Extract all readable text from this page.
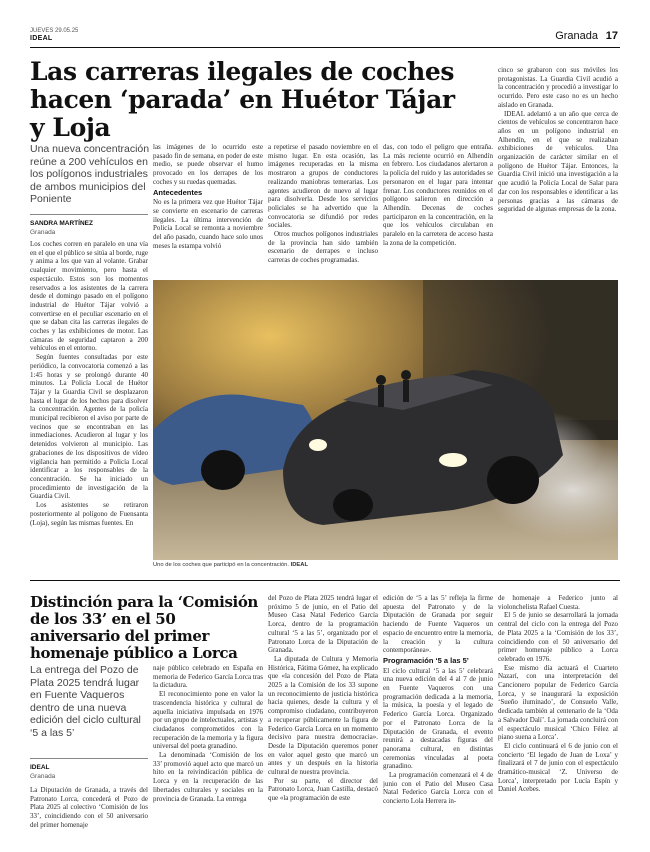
JUEVES 29.05.25
IDEAL	Granada 17
Las carreras ilegales de coches hacen ‘parada’ en Huétor Tájar y Loja
Una nueva concentración reúne a 200 vehículos en los polígonos industriales de ambos municipios del Poniente
SANDRA MARTÍNEZ
Granada

Los coches corren en paralelo en una vía en el que el público se sitúa al borde, ruge y anima a los que van al volante. Grabar cualquier movimiento, pero hasta el espectáculo. Estos son los momentos reservados a los asistentes de la carrera desde el domingo pasado en el polígono industrial de Huétor Tájar volvió a convertirse en el peculiar escenario en el que se daban cita las carreras ilegales de coches y las exhibiciones de motor. Las cámaras de seguridad captaron a 200 vehículos en el entorno.

Según fuentes consultadas por este periódico, la convocatoria comenzó a las 1:45 horas y se prolongó durante 40 minutos. La Policía Local de Huétor Tájar y la Guardia Civil se desplazaron hasta el lugar de los hechos para disolver la concentración. Agentes de la policía municipal recibieron el aviso por parte de vecinos que se encontraban en las inmediaciones. Acudieron al lugar y los detenidos volvieron al municipio. Las grabaciones de los dispositivos de vídeo vigilancia han permitido a Policía Local identificar a los responsables de la concentración. Se ha iniciado un procedimiento de investigación de la Guardia Civil.

Los asistentes se retiraron posteriormente al polígono de Fuensanta (Loja), según las mismas fuentes. En

las imágenes de lo ocurrido este pasado fin de semana, en poder de este medio, se puede observar el humo provocado en los derrapes de los coches y su ruedas quemadas.

Antecedentes

No es la primera vez que Huétor Tájar se convierte en escenario de carreras ilegales. La última intervención de Policía Local se remonta a noviembre del año pasado, cuando hace solo unos meses la estampa volvió

a repetirse el pasado noviembre en el mismo lugar. En esta ocasión, las imágenes recuperadas en la misma mostraron a grupos de conductores realizando maniobras temerarias. Los agentes acudieron de nuevo al lugar para disolverla. Desde los servicios policiales se ha advertido que la convocatoria se difundió por redes sociales.

Otros muchos polígonos industriales de la provincia han sido también escenario de derrapes e incluso carreras de coches programadas.

das, con todo el peligro que entraña. La más reciente ocurrió en Alhendín en febrero. Los ciudadanos alertaron a la policía del ruido y las autoridades se personaron en el lugar para intentar frenar. Los conductores reunidos en el polígono salieron en dirección a Alhendín. Decenas de coches participaron en la concentración, en la que los vehículos circulaban en paralelo en la carretera de acceso hasta la zona de la competición.

cinco se grabaron con sus móviles los protagonistas. La Guardia Civil acudió a la concentración y procedió a investigar lo ocurrido. Pero este caso no es un hecho aislado en Granada.

IDEAL adelantó a un año que cerca de cientos de vehículos se concentraron hace años en un polígono industrial en Alhendín, en el que se realizaban exhibiciones de vehículos. Una organización de carácter similar en el polígono de Huétor Tájar. Entonces, la Guardia Civil inició una investigación a la que acudió la Policía Local de Salar para dar con los responsables e identificar a las personas gracias a las cámaras de seguridad de algunas empresas de la zona.

Uno de los coches que participó en la concentración. IDEAL
Distinción para la ‘Comisión de los 33’ en el 50 aniversario del primer homenaje público a Lorca
La entrega del Pozo de Plata 2025 tendrá lugar en Fuente Vaqueros dentro de una nueva edición del ciclo cultural ‘5 a las 5’
IDEAL
Granada

La Diputación de Granada, a través del Patronato Lorca, concederá el Pozo de Plata 2025 al colectivo ‘Comisión de los 33’, coincidiendo con el 50 aniversario del primer homenaje

naje público celebrado en España en memoria de Federico García Lorca tras la dictadura.

El reconocimiento pone en valor la trascendencia histórica y cultural de aquella iniciativa impulsada en 1976 por un grupo de intelectuales, artistas y ciudadanos comprometidos con la recuperación de la memoria y la figura universal del poeta granadino.

La denominada ‘Comisión de los 33’ promovió aquel acto que marcó un hito en la reivindicación pública de Lorca y en la recuperación de las libertades culturales y sociales en la provincia de Granada. La entrega

del Pozo de Plata 2025 tendrá lugar el próximo 5 de junio, en el Patio del Museo Casa Natal Federico García Lorca, dentro de la programación cultural ‘5 a las 5’, organizado por el Patronato Lorca de la Diputación de Granada.

La diputada de Cultura y Memoria Histórica, Fátima Gómez, ha explicado que «la concesión del Pozo de Plata 2025 a la Comisión de los 33 supone un reconocimiento de justicia histórica hacia quienes, desde la cultura y el compromiso ciudadano, contribuyeron a recuperar públicamente la figura de Federico García Lorca en un momento decisivo para nuestra democracia». Desde la Diputación queremos poner en valor aquel gesto que marcó un antes y un después en la historia cultural de nuestra provincia.

Por su parte, el director del Patronato Lorca, Juan Castilla, destacó que «la programación de este

edición de ‘5 a las 5’ refleja la firme apuesta del Patronato y de la Diputación de Granada por seguir haciendo de Fuente Vaqueros un espacio de encuentro entre la memoria, la creación y la cultura contemporánea».

Programación ‘5 a las 5’

El ciclo cultural ‘5 a las 5’ celebrará una nueva edición del 4 al 7 de junio en Fuente Vaqueros con una programación dedicada a la memoria, la música, la poesía y el legado de Federico García Lorca. Organizado por el Patronato Lorca de la Diputación de Granada, el evento reunirá a destacadas figuras del panorama cultural, en distintas ceremonias vinculadas al poeta granadino.

La programación comenzará el 4 de junio con el Patio del Museo Casa Natal Federico García Lorca con el concierto Lola Herrera in-

de homenaje a Federico junto al violonchelista Rafael Cuesta.

El 5 de junio se desarrollará la jornada central del ciclo con la entrega del Pozo de Plata 2025 a la ‘Comisión de los 33’, coincidiendo con el 50 aniversario del primer homenaje público a Lorca celebrado en 1976.

Ese mismo día actuará el Cuarteto Nazarí, con una interpretación del Cancionero popular de Federico García Lorca, y se inaugurará la exposición ‘Sueño iluminado’, de Consuelo Valle, dedicada también al centenario de la ‘Oda a Salvador Dalí’. La jornada concluirá con el espectáculo musical ‘Chico Félez al piano suena a Lorca’.

El ciclo continuará el 6 de junio con el concierto ‘El legado de Juan de Loxa’ y finalizará el 7 de junio con el espectáculo dramático-musical ‘Z. Universo de Lorca’, interpretado por Lucía Espín y Daniel Acebes.
